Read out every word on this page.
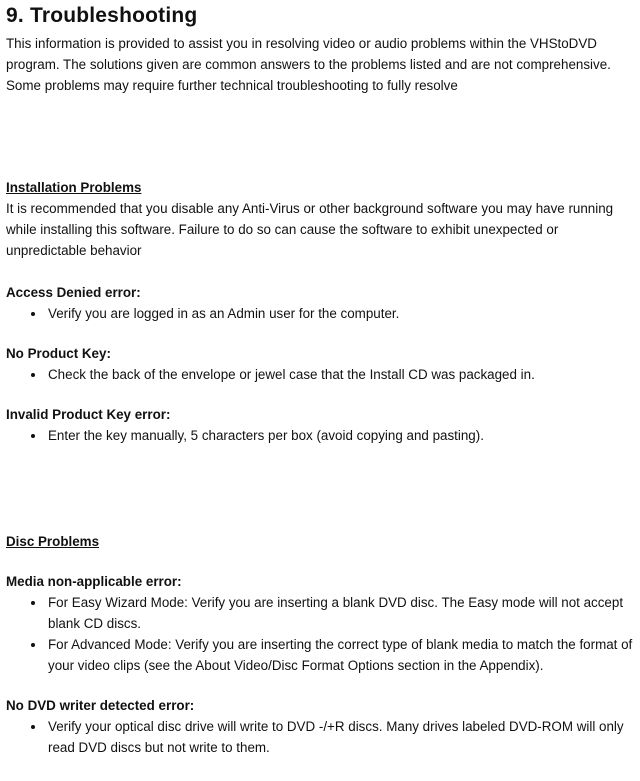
9. Troubleshooting

This information is provided to assist you in resolving video or audio problems within the VHStoDVD program. The solutions given are common answers to the problems listed and are not comprehensive. Some problems may require further technical troubleshooting to fully resolve

Installation Problems

It is recommended that you disable any Anti-Virus or other background software you may have running while installing this software. Failure to do so can cause the software to exhibit unexpected or unpredictable behavior

Access Denied error:
• Verify you are logged in as an Admin user for the computer.
No Product Key:
• Check the back of the envelope or jewel case that the Install CD was packaged in.
Invalid Product Key error:
• Enter the key manually, 5 characters per box (avoid copying and pasting).
Disc Problems
Media non-applicable error:
• For Easy Wizard Mode: Verify you are inserting a blank DVD disc. The Easy mode will not accept blank CD discs.
• For Advanced Mode: Verify you are inserting the correct type of blank media to match the format of your video clips (see the About Video/Disc Format Options section in the Appendix).
No DVD writer detected error:
• Verify your optical disc drive will write to DVD -/+R discs. Many drives labeled DVD-ROM will only read DVD discs but not write to them.
